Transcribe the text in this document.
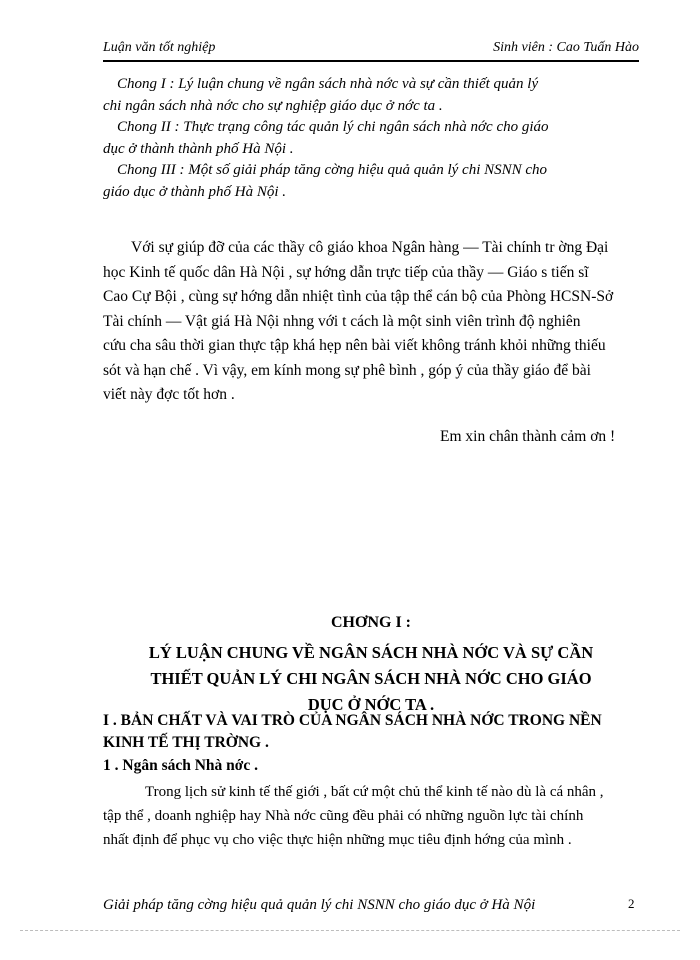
Luận văn tốt nghiệp	Sinh viên : Cao Tuấn Hào

Chong I : Lý luận chung về ngân sách nhà nớc và sự cần thiết quản lý

chi ngân sách nhà nớc cho sự nghiệp giáo dục ở nớc ta .

Chong II : Thực trạng công tác quản lý chi ngân sách nhà nớc cho giáo

dục ở thành thành phố Hà Nội .

Chong III : Một số giải pháp tăng cờng hiệu quả quản lý chi NSNN cho

giáo dục ở thành phố Hà Nội .

Với sự giúp đỡ của các thầy cô giáo khoa Ngân hàng — Tài chính tr ờng Đại
học Kinh tế quốc dân Hà Nội , sự hớng dẫn trực tiếp của thầy — Giáo s tiến sĩ
Cao Cự Bội , cùng sự hớng dẫn nhiệt tình của tập thể cán bộ của Phòng HCSN-Sở
Tài chính — Vật giá Hà Nội nhng với t cách là một sinh viên trình độ nghiên
cứu cha sâu thời gian thực tập khá hẹp nên bài viết không tránh khỏi những thiếu
sót và hạn chế . Vì vậy, em kính mong sự phê bình , góp ý của thầy giáo để bài
viết này đợc tốt hơn .

Em xin chân thành cảm ơn !

CHƠNG I :

LÝ LUẬN CHUNG VỀ NGÂN SÁCH NHÀ NỚC VÀ SỰ CẦN
THIẾT QUẢN LÝ CHI NGÂN SÁCH NHÀ NỚC CHO GIÁO
DỤC Ở NỚC TA .
I . BẢN CHẤT VÀ VAI TRÒ CỦA NGÂN SÁCH NHÀ NỚC TRONG NỀN
KINH TẾ THỊ TRỜNG .

1 . Ngân sách Nhà nớc .

Trong lịch sử kinh tế thế giới , bất cứ một chủ thể kinh tế nào dù là cá nhân ,
tập thể , doanh nghiệp hay Nhà nớc cũng đều phải có những nguồn lực tài chính
nhất định để phục vụ cho việc thực hiện những mục tiêu định hớng của mình .

Giải pháp tăng cờng hiệu quả quản lý chi NSNN cho giáo dục ở Hà Nội	2
